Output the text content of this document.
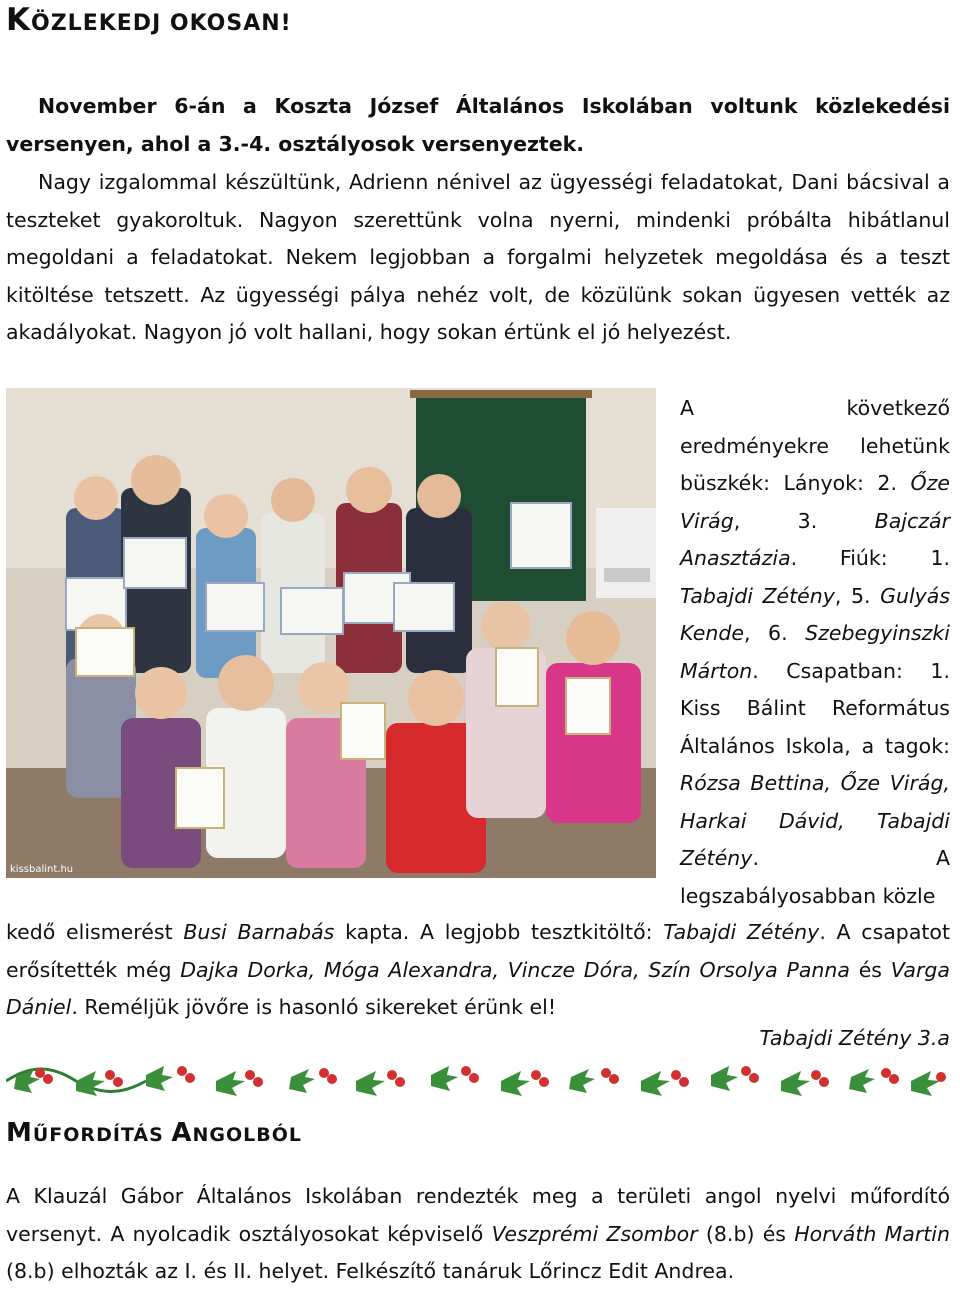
KÖZLEKEDJ OKOSAN!
November 6-án a Koszta József Általános Iskolában voltunk közlekedési versenyen, ahol a 3.-4. osztályosok versenyeztek.
Nagy izgalommal készültünk, Adrienn nénivel az ügyességi feladatokat, Dani bácsival a teszteket gyakoroltuk. Nagyon szerettünk volna nyerni, mindenki próbálta hibátlanul megoldani a feladatokat. Nekem legjobban a forgalmi helyzetek megoldása és a teszt kitöltése tetszett. Az ügyességi pálya nehéz volt, de közülünk sokan ügyesen vették az akadályokat. Nagyon jó volt hallani, hogy sokan értünk el jó helyezést.
kissbalint.hu
A következő eredményekre lehetünk büszkék: Lányok: 2. Őze Virág, 3. Bajczár Anasztázia. Fiúk: 1. Tabajdi Zétény, 5. Gulyás Kende, 6. Szebegyinszki Márton. Csapatban: 1. Kiss Bálint Református Általános Iskola, a tagok: Rózsa Bettina, Őze Virág, Harkai Dávid, Tabajdi Zétény. A legszabályosabban közle
kedő elismerést Busi Barnabás kapta. A legjobb tesztkitöltő: Tabajdi Zétény. A csapatot erősítették még Dajka Dorka, Móga Alexandra, Vincze Dóra, Szín Orsolya Panna és Varga Dániel. Reméljük jövőre is hasonló sikereket érünk el!
Tabajdi Zétény 3.a
MŰFORDÍTÁS ANGOLBÓL
A Klauzál Gábor Általános Iskolában rendezték meg a területi angol nyelvi műfordító versenyt. A nyolcadik osztályosokat képviselő Veszprémi Zsombor (8.b) és Horváth Martin (8.b) elhozták az I. és II. helyet. Felkészítő tanáruk Lőrincz Edit Andrea.
